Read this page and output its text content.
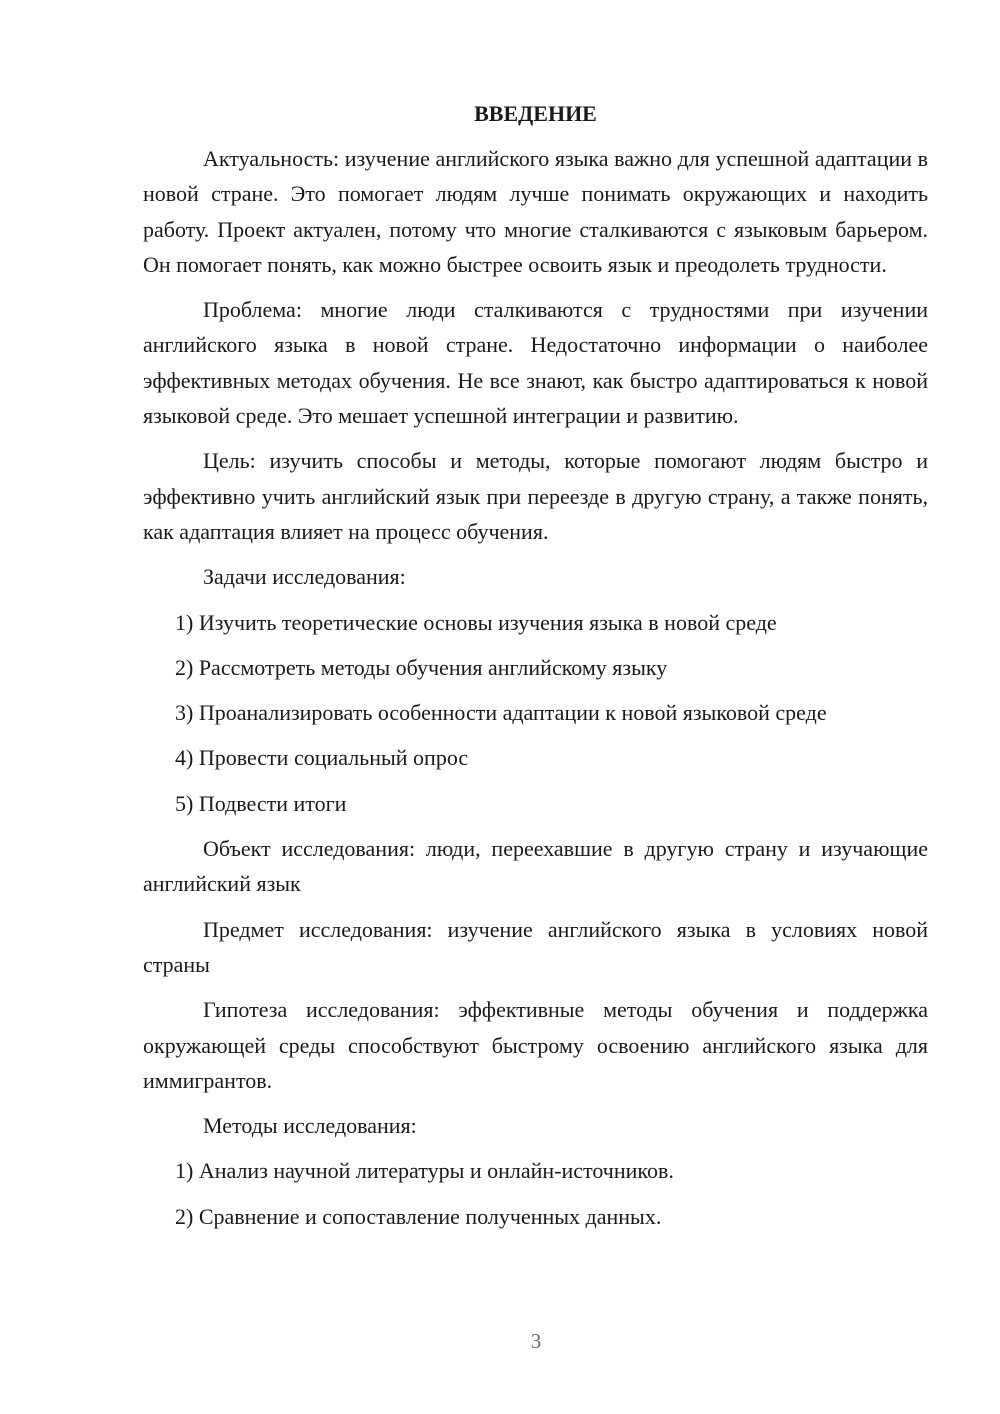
ВВЕДЕНИЕ
Актуальность: изучение английского языка важно для успешной адаптации в новой стране. Это помогает людям лучше понимать окружающих и находить работу. Проект актуален, потому что многие сталкиваются с языковым барьером. Он помогает понять, как можно быстрее освоить язык и преодолеть трудности.
Проблема: многие люди сталкиваются с трудностями при изучении английского языка в новой стране. Недостаточно информации о наиболее эффективных методах обучения. Не все знают, как быстро адаптироваться к новой языковой среде. Это мешает успешной интеграции и развитию.
Цель: изучить способы и методы, которые помогают людям быстро и эффективно учить английский язык при переезде в другую страну, а также понять, как адаптация влияет на процесс обучения.
Задачи исследования:
1) Изучить теоретические основы изучения языка в новой среде
2) Рассмотреть методы обучения английскому языку
3) Проанализировать особенности адаптации к новой языковой среде
4) Провести социальный опрос
5) Подвести итоги
Объект исследования: люди, переехавшие в другую страну и изучающие английский язык
Предмет исследования: изучение английского языка в условиях новой страны
Гипотеза исследования: эффективные методы обучения и поддержка окружающей среды способствуют быстрому освоению английского языка для иммигрантов.
Методы исследования:
1) Анализ научной литературы и онлайн-источников.
2) Сравнение и сопоставление полученных данных.
3
